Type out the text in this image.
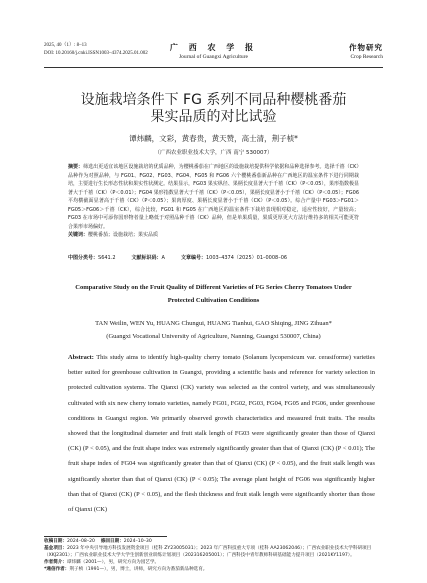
2025, 40（1）: 8–13
DOI: 10.20160/j.cnki.ISSN1003–4374.2025.01.002
广 西 农 学 报
Journal of Guangxi Agriculture
作物研究
Crop Research
设施栽培条件下 FG 系列不同品种樱桃番茄
果实品质的对比试验
谭炜麟，文彩，黄春贵，黄天赞，高士清，荆子桢*
（广西农业职业技术大学，广西 南宁 530007）
摘要：筛选出更适宜该地区设施栽培的优质品种，为樱桃番茄在广西地区的设施栽培提供科学依据和品种选择参考。选择千禧（CK）品种作为对照品种，与 FG01、FG02、FG03、FG04、FG05 和 FG06 六个樱桃番茄新品种在广西地区的温室条件下进行同期栽培，主要进行生长形态性状和果实性状测定。结果显示，FG03 果实纵径、果柄长度显著大于千禧（CK）（P＜0.05），果形指数极显著大于千禧（CK）（P＜0.01）；FG04 果形指数显著大于千禧（CK）（P＜0.05），果柄长度显著小于千禧（CK）（P＜0.05）；FG06 平均横截面显著高于千禧（CK）（P＜0.05）；果肉厚度、果柄长度显著小于千禧（CK）（P＜0.05）。综合产量中 FG03＞FG01＞FG05＞FG06＞千禧（CK），综合比较，FG01 和 FG05 在广西地区的温室条件下栽培表现相对稳定，适应性较好，产量较高；FG03 在市场中可添你国形物者量上略低于对照品种千禧（CK）品种，但是单果质量，果质更厚更大方法行维持多的相关可能更符合果形市场偏好。
关键词：樱桃番茄；设施栽培；果实品质
中图分类号：S641.2	文献标识码：A	文章编号：1003–4374（2025）01–0008–06
Comparative Study on the Fruit Quality of Different Varieties of FG Series Cherry Tomatoes Under
Protected Cultivation Conditions
TAN Weilin, WEN Yu, HUANG Chungui, HUANG Tianhui, GAO Shiqing, JING Zihuan*
(Guangxi Vocational University of Agriculture, Nanning, Guangxi 530007, China)
Abstract: This study aims to identify high-quality cherry tomato (Solanum lycopersicum var. cerasiforme) varieties better suited for greenhouse cultivation in Guangxi, providing a scientific basis and reference for variety selection in protected cultivation systems. The Qianxi (CK) variety was selected as the control variety, and was simultaneously cultivated with six new cherry tomato varieties, namely FG01, FG02, FG03, FG04, FG05 and FG06, under greenhouse conditions in Guangxi region. We primarily observed growth characteristics and measured fruit traits. The results showed that the longitudinal diameter and fruit stalk length of FG03 were significantly greater than those of Qianxi (CK) (P < 0.05), and the fruit shape index was extremely significantly greater than that of Qianxi (CK) (P < 0.01); The fruit shape index of FG04 was significantly greater than that of Qianxi (CK) (P < 0.05), and the fruit stalk length was significantly shorter than that of Qianxi (CK) (P < 0.05); The average plant height of FG06 was significantly higher than that of Qianxi (CK) (P < 0.05), and the flesh thickness and fruit stalk length were significantly shorter than those of Qianxi (CK)
收稿日期：2024–08–20 修回日期：2024–10–30
基金项目：2023 年中央引导地方科技发展资金项目（桂科 ZY23005031）；2023 年广西科技重大专项（桂科 AA23062046）；广西农业职业技术大学科研项目（XKJ2301）；广西农业职业技术大学大学生创新创业训练计划项目（202316205001）；广西科技中青年教师科研基础能力提升项目（2021KY1197）。
作者简介：谭炜麟（2001—），男，研究方向为园艺学。
*通信作者：荆子桢（1991—），男，博士，讲师，研究方向为番茄新品种选育。
